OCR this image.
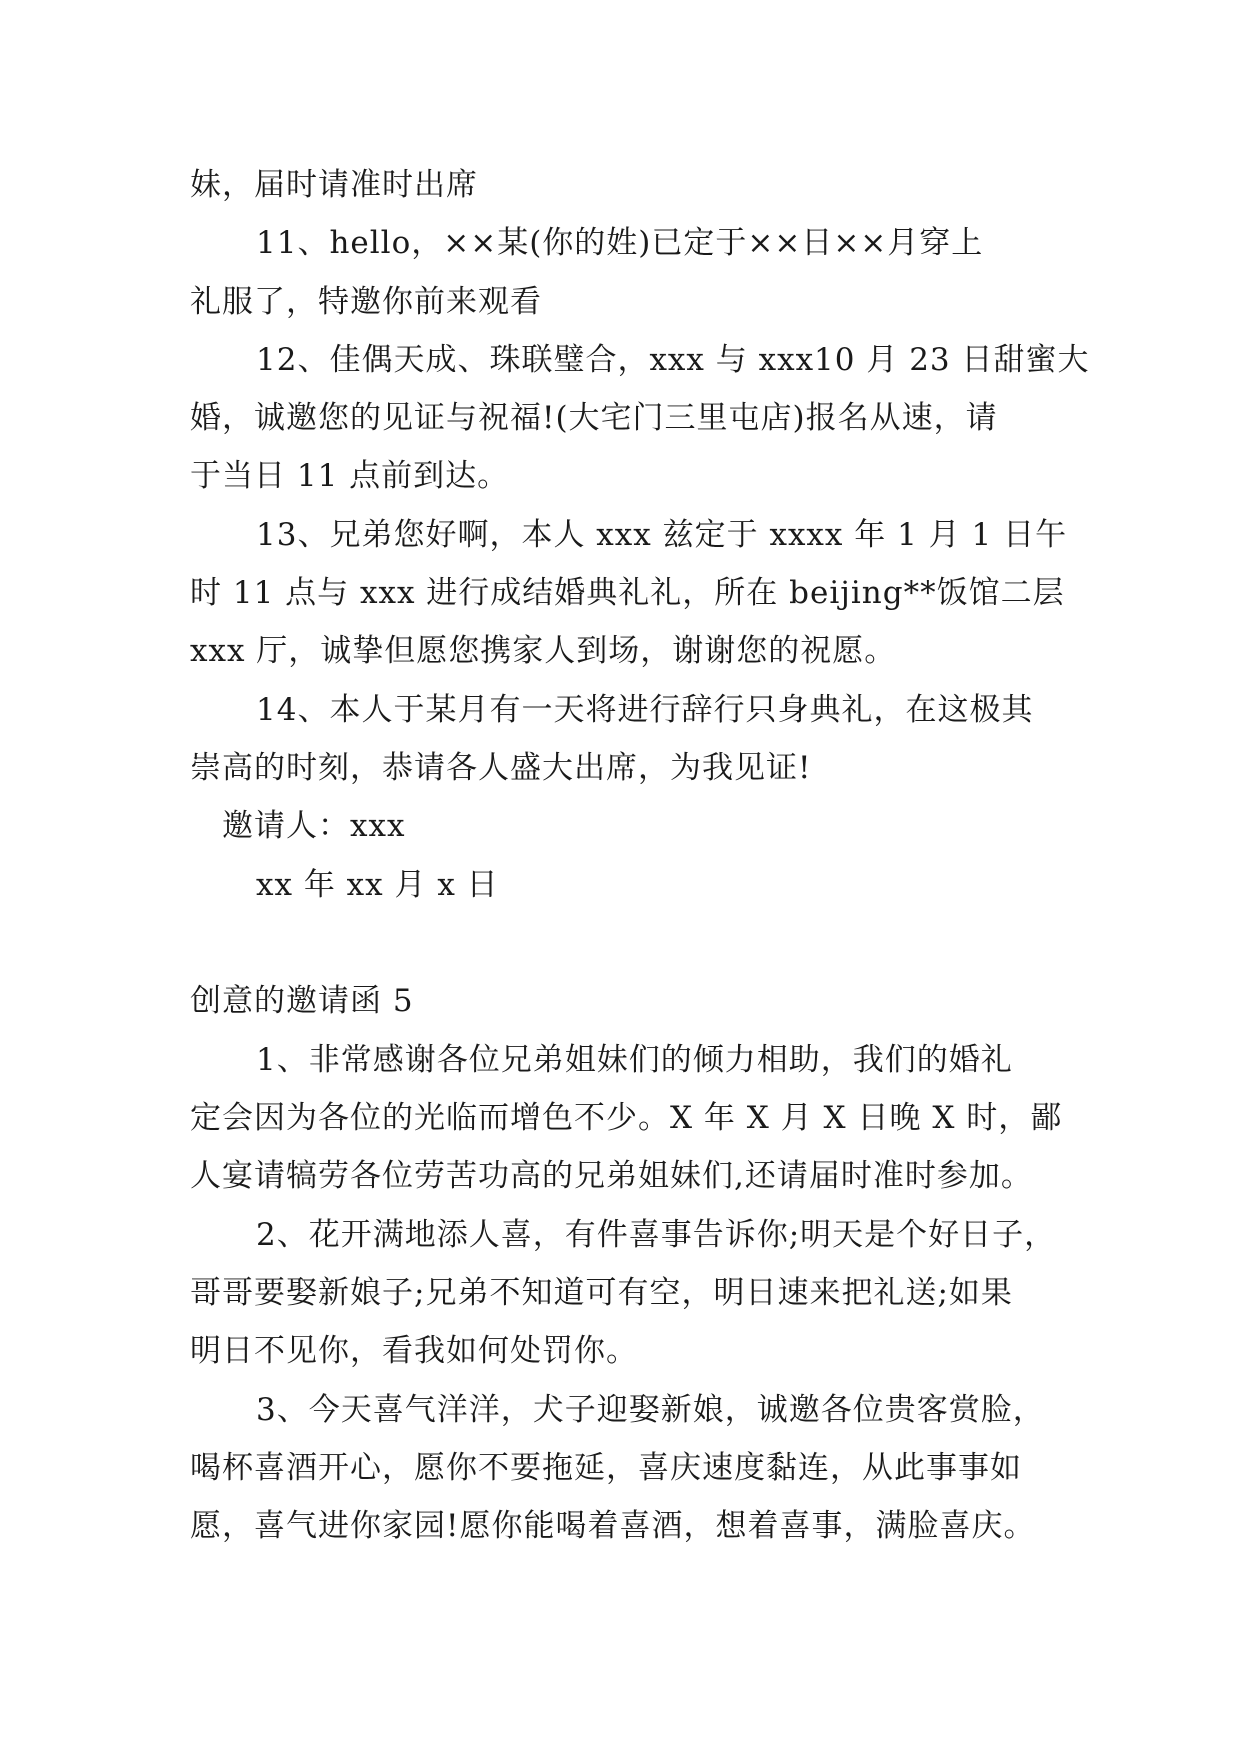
妹，届时请准时出席
11、hello，××某(你的姓)已定于××日××月穿上
礼服了，特邀你前来观看
12、佳偶天成、珠联璧合，xxx 与 xxx10 月 23 日甜蜜大
婚，诚邀您的见证与祝福!(大宅门三里屯店)报名从速，请
于当日 11 点前到达。
13、兄弟您好啊，本人 xxx 兹定于 xxxx 年 1 月 1 日午
时 11 点与 xxx 进行成结婚典礼礼，所在 beijing**饭馆二层
xxx 厅，诚挚但愿您携家人到场，谢谢您的祝愿。
14、本人于某月有一天将进行辞行只身典礼，在这极其
崇高的时刻，恭请各人盛大出席，为我见证!
邀请人：xxx
xx 年 xx 月 x 日
创意的邀请函 5
1、非常感谢各位兄弟姐妹们的倾力相助，我们的婚礼
定会因为各位的光临而增色不少。X 年 X 月 X 日晚 X 时，鄙
人宴请犒劳各位劳苦功高的兄弟姐妹们,还请届时准时参加。
2、花开满地添人喜，有件喜事告诉你;明天是个好日子，
哥哥要娶新娘子;兄弟不知道可有空，明日速来把礼送;如果
明日不见你，看我如何处罚你。
3、今天喜气洋洋，犬子迎娶新娘，诚邀各位贵客赏脸，
喝杯喜酒开心，愿你不要拖延，喜庆速度黏连，从此事事如
愿，喜气进你家园!愿你能喝着喜酒，想着喜事，满脸喜庆。
